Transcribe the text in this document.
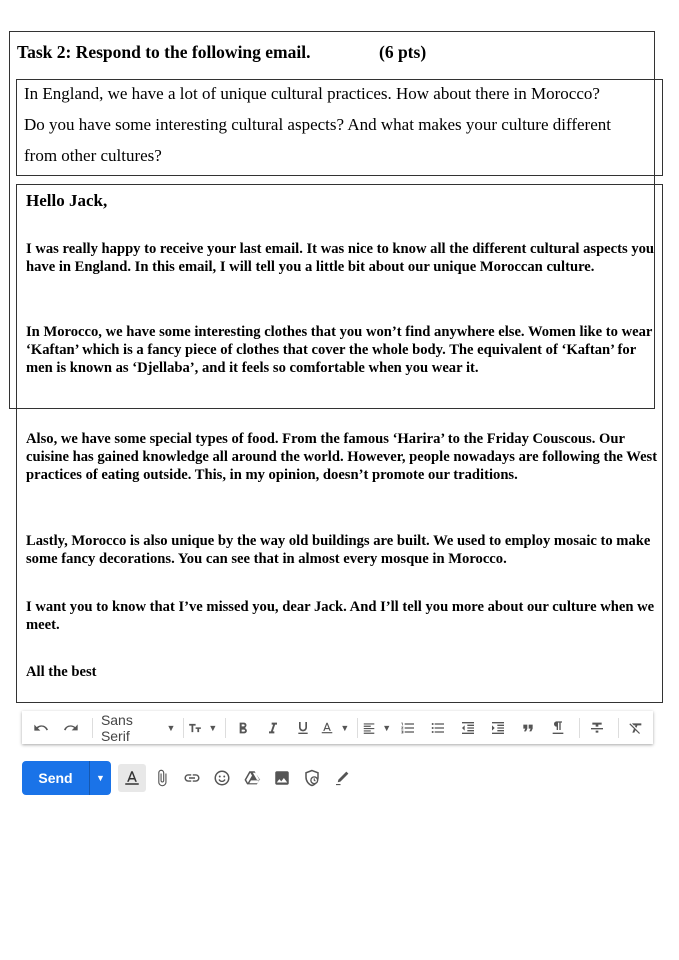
Task 2: Respond to the following email.	(6 pts)
In England, we have a lot of unique cultural practices. How about there in Morocco?
Do you have some interesting cultural aspects? And what makes your culture different
from other cultures?
Hello Jack,
I was really happy to receive your last email. It was nice to know all the different cultural aspects you have in England. In this email, I will tell you a little bit about our unique Moroccan culture.
In Morocco, we have some interesting clothes that you won’t find anywhere else. Women like to wear ‘Kaftan’ which is a fancy piece of clothes that cover the whole body. The equivalent of ‘Kaftan’ for men is known as ‘Djellaba’, and it feels so comfortable when you wear it.
Also, we have some special types of food. From the famous ‘Harira’ to the Friday Couscous. Our cuisine has gained knowledge all around the world. However, people nowadays are following the West practices of eating outside. This, in my opinion, doesn’t promote our traditions.
Lastly, Morocco is also unique by the way old buildings are built. We used to employ mosaic to make some fancy decorations. You can see that in almost every mosque in Morocco.
I want you to know that I’ve missed you, dear Jack. And I’ll tell you more about our culture when we meet.
All the best
Sans Serif	▼	▼	▼	▼
Send	▼
